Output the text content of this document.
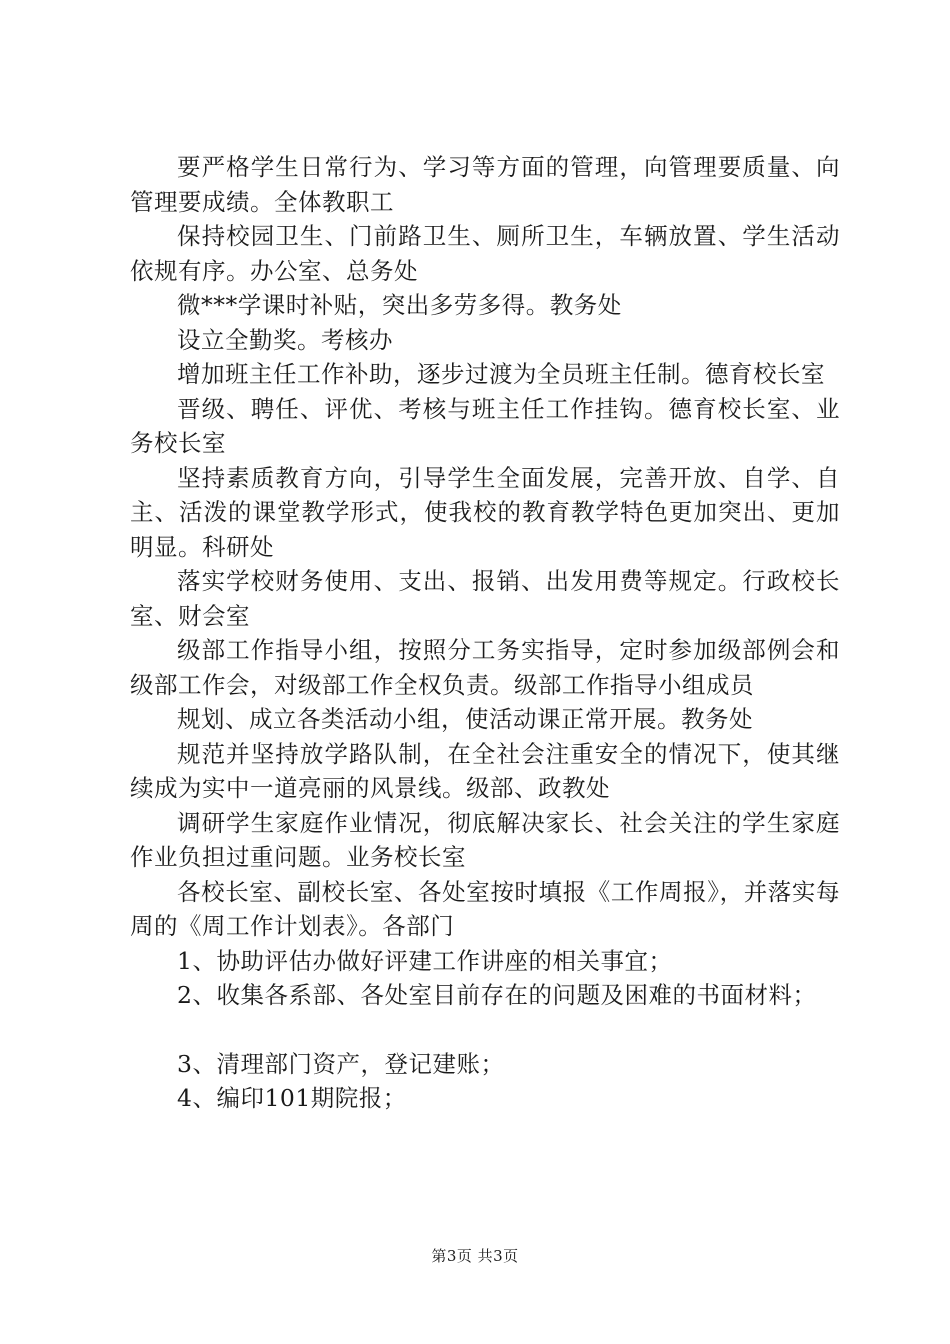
要严格学生日常行为、学习等方面的管理，向管理要质量、向管理要成绩。全体教职工

保持校园卫生、门前路卫生、厕所卫生，车辆放置、学生活动依规有序。办公室、总务处

微***学课时补贴，突出多劳多得。教务处

设立全勤奖。考核办

增加班主任工作补助，逐步过渡为全员班主任制。德育校长室

晋级、聘任、评优、考核与班主任工作挂钩。德育校长室、业务校长室

坚持素质教育方向，引导学生全面发展，完善开放、自学、自主、活泼的课堂教学形式，使我校的教育教学特色更加突出、更加明显。科研处

落实学校财务使用、支出、报销、出发用费等规定。行政校长室、财会室

级部工作指导小组，按照分工务实指导，定时参加级部例会和级部工作会，对级部工作全权负责。级部工作指导小组成员

规划、成立各类活动小组，使活动课正常开展。教务处

规范并坚持放学路队制，在全社会注重安全的情况下，使其继续成为实中一道亮丽的风景线。级部、政教处

调研学生家庭作业情况，彻底解决家长、社会关注的学生家庭作业负担过重问题。业务校长室

各校长室、副校长室、各处室按时填报《工作周报》，并落实每周的《周工作计划表》。各部门

1、协助评估办做好评建工作讲座的相关事宜；

2、收集各系部、各处室目前存在的问题及困难的书面材料；

3、清理部门资产，登记建账；

4、编印101期院报；

第3页 共3页
